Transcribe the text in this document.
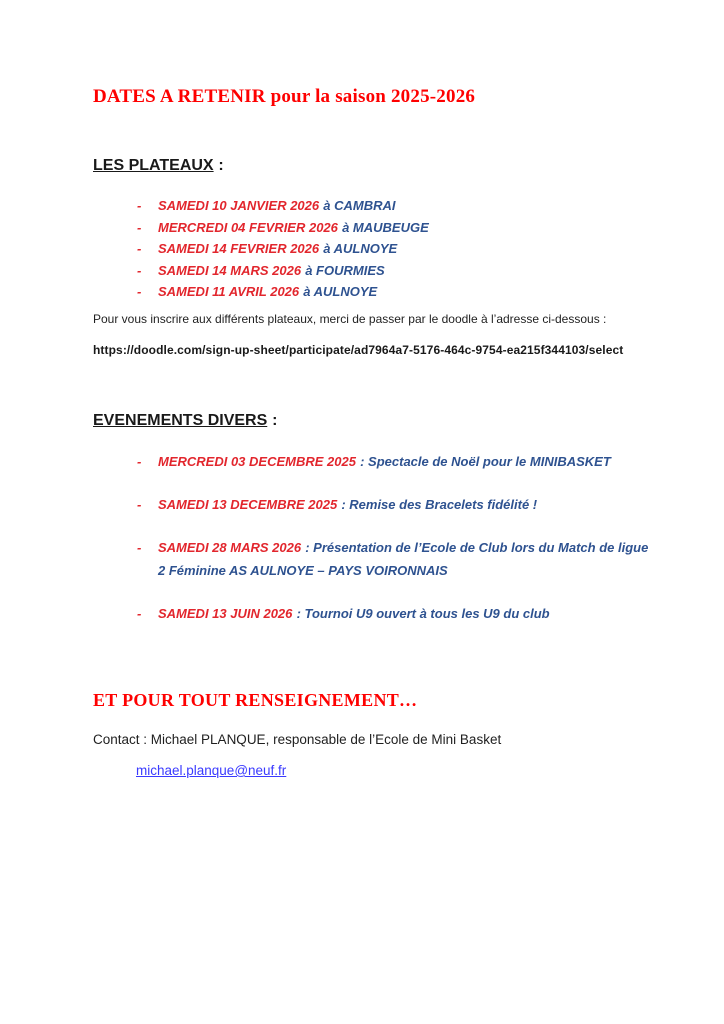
DATES A RETENIR pour la saison 2025-2026
LES PLATEAUX :
-	SAMEDI 10 JANVIER 2026 à CAMBRAI
-	MERCREDI 04 FEVRIER 2026 à MAUBEUGE
-	SAMEDI 14 FEVRIER 2026 à AULNOYE
-	SAMEDI 14 MARS 2026 à FOURMIES
-	SAMEDI 11 AVRIL 2026 à AULNOYE

Pour vous inscrire aux différents plateaux, merci de passer par le doodle à l’adresse ci-dessous :

https://doodle.com/sign-up-sheet/participate/ad7964a7-5176-464c-9754-ea215f344103/select

EVENEMENTS DIVERS :
-	MERCREDI 03 DECEMBRE 2025 : Spectacle de Noël pour le MINIBASKET
-	SAMEDI 13 DECEMBRE 2025 : Remise des Bracelets fidélité !
-	SAMEDI 28 MARS 2026 : Présentation de l’Ecole de Club lors du Match de ligue 2 Féminine AS AULNOYE – PAYS VOIRONNAIS
-	SAMEDI 13 JUIN 2026 : Tournoi U9 ouvert à tous les U9 du club
ET POUR TOUT RENSEIGNEMENT…

Contact : Michael PLANQUE, responsable de l’Ecole de Mini Basket

michael.planque@neuf.fr
